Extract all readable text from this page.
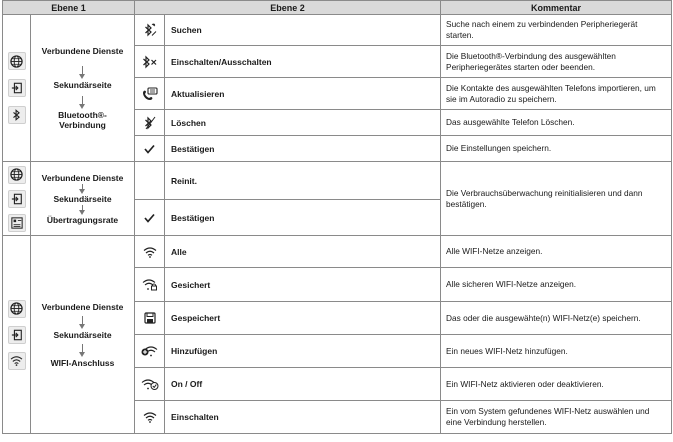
Ebene 1		Ebene 2		Kommentar

Verbundene Dienste
Sekundärseite
Bluetooth®-Verbindung		Suchen	Suche nach einem zu verbindenden Peripheriegerät starten.

	Einschalten/Ausschalten	Die Bluetooth®-Verbindung des ausgewählten Peripheriegerätes starten oder beenden.

	Aktualisieren	Die Kontakte des ausgewählten Telefons importieren, um sie im Autoradio zu speichern.

	Löschen	Das ausgewählte Telefon Löschen.

	Bestätigen	Die Einstellungen speichern.

Verbundene Dienste
Sekundärseite
Übertragungsrate		Reinit.	Die Verbrauchsüberwachung reinitialisieren und dann bestätigen.

	Bestätigen	

Verbundene Dienste
Sekundärseite
WIFI-Anschluss		Alle	Alle WIFI-Netze anzeigen.

	Gesichert	Alle sicheren WIFI-Netze anzeigen.

	Gespeichert	Das oder die ausgewähte(n) WIFI-Netz(e) speichern.

	Hinzufügen	Ein neues WIFI-Netz hinzufügen.

	On / Off	Ein WIFI-Netz aktivieren oder deaktivieren.

	Einschalten	Ein vom System gefundenes WIFI-Netz auswählen und eine Verbindung herstellen.
